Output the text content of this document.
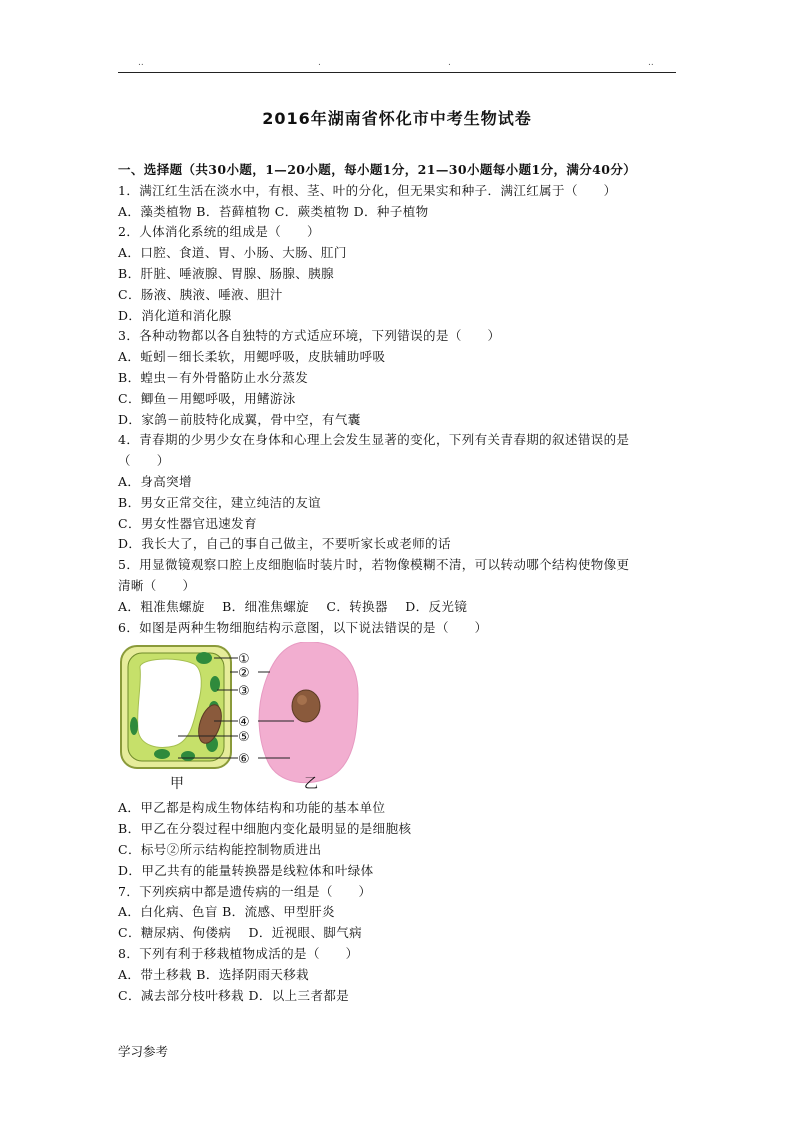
..	.	.	..
2016年湖南省怀化市中考生物试卷
一、选择题（共30小题，1—20小题，每小题1分，21—30小题每小题1分，满分40分）
1．满江红生活在淡水中，有根、茎、叶的分化，但无果实和种子．满江红属于（　　）
A．藻类植物 B．苔藓植物 C．蕨类植物 D．种子植物
2．人体消化系统的组成是（　　）
A．口腔、食道、胃、小肠、大肠、肛门
B．肝脏、唾液腺、胃腺、肠腺、胰腺
C．肠液、胰液、唾液、胆汁
D．消化道和消化腺
3．各种动物都以各自独特的方式适应环境，下列错误的是（　　）
A．蚯蚓－细长柔软，用鳃呼吸，皮肤辅助呼吸
B．蝗虫－有外骨骼防止水分蒸发
C．鲫鱼－用鳃呼吸，用鳍游泳
D．家鸽－前肢特化成翼，骨中空，有气囊
4．青春期的少男少女在身体和心理上会发生显著的变化，下列有关青春期的叙述错误的是
（　　）
A．身高突增
B．男女正常交往，建立纯洁的友谊
C．男女性器官迅速发育
D．我长大了，自己的事自己做主，不要听家长或老师的话
5．用显微镜观察口腔上皮细胞临时装片时，若物像模糊不清，可以转动哪个结构使物像更
清晰（　　）
A．粗准焦螺旋　 B．细准焦螺旋　 C．转换器　 D．反光镜
6．如图是两种生物细胞结构示意图，以下说法错误的是（　　）
①
②
③
④
⑤
⑥
甲	乙
A．甲乙都是构成生物体结构和功能的基本单位
B．甲乙在分裂过程中细胞内变化最明显的是细胞核
C．标号②所示结构能控制物质进出
D．甲乙共有的能量转换器是线粒体和叶绿体
7．下列疾病中都是遗传病的一组是（　　）
A．白化病、色盲 B．流感、甲型肝炎
C．糖尿病、佝偻病　 D．近视眼、脚气病
8．下列有利于移栽植物成活的是（　　）
A．带土移栽 B．选择阴雨天移栽
C．减去部分枝叶移栽 D．以上三者都是
学习参考
